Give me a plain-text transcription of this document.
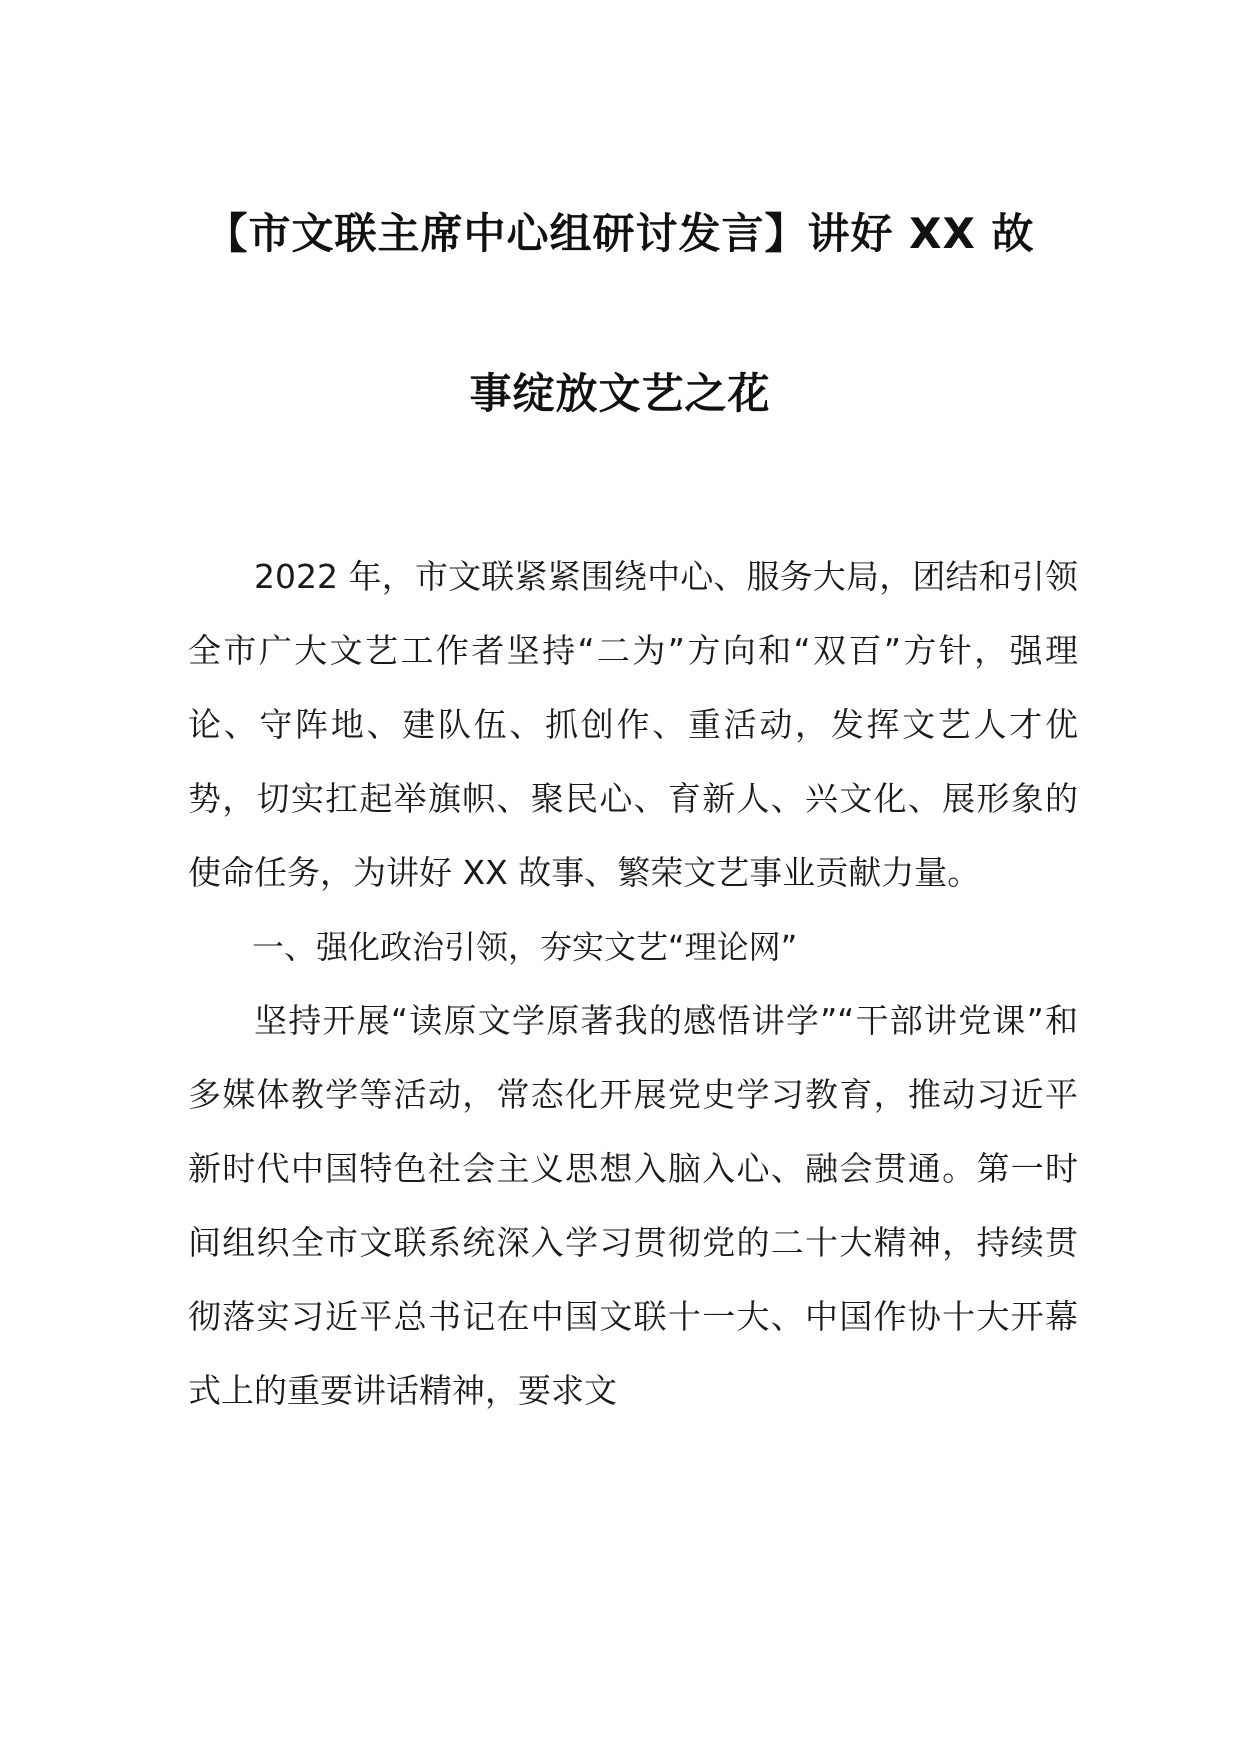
【市文联主席中心组研讨发言】讲好 XX 故
事绽放文艺之花

2022 年，市文联紧紧围绕中心、服务大局，团结和引领全市广大文艺工作者坚持“二为”方向和“双百”方针，强理论、守阵地、建队伍、抓创作、重活动，发挥文艺人才优势，切实扛起举旗帜、聚民心、育新人、兴文化、展形象的使命任务，为讲好 XX 故事、繁荣文艺事业贡献力量。

一、强化政治引领，夯实文艺“理论网”

坚持开展“读原文学原著我的感悟讲学”“干部讲党课”和多媒体教学等活动，常态化开展党史学习教育，推动习近平新时代中国特色社会主义思想入脑入心、融会贯通。第一时间组织全市文联系统深入学习贯彻党的二十大精神，持续贯彻落实习近平总书记在中国文联十一大、中国作协十大开幕式上的重要讲话精神，要求文
